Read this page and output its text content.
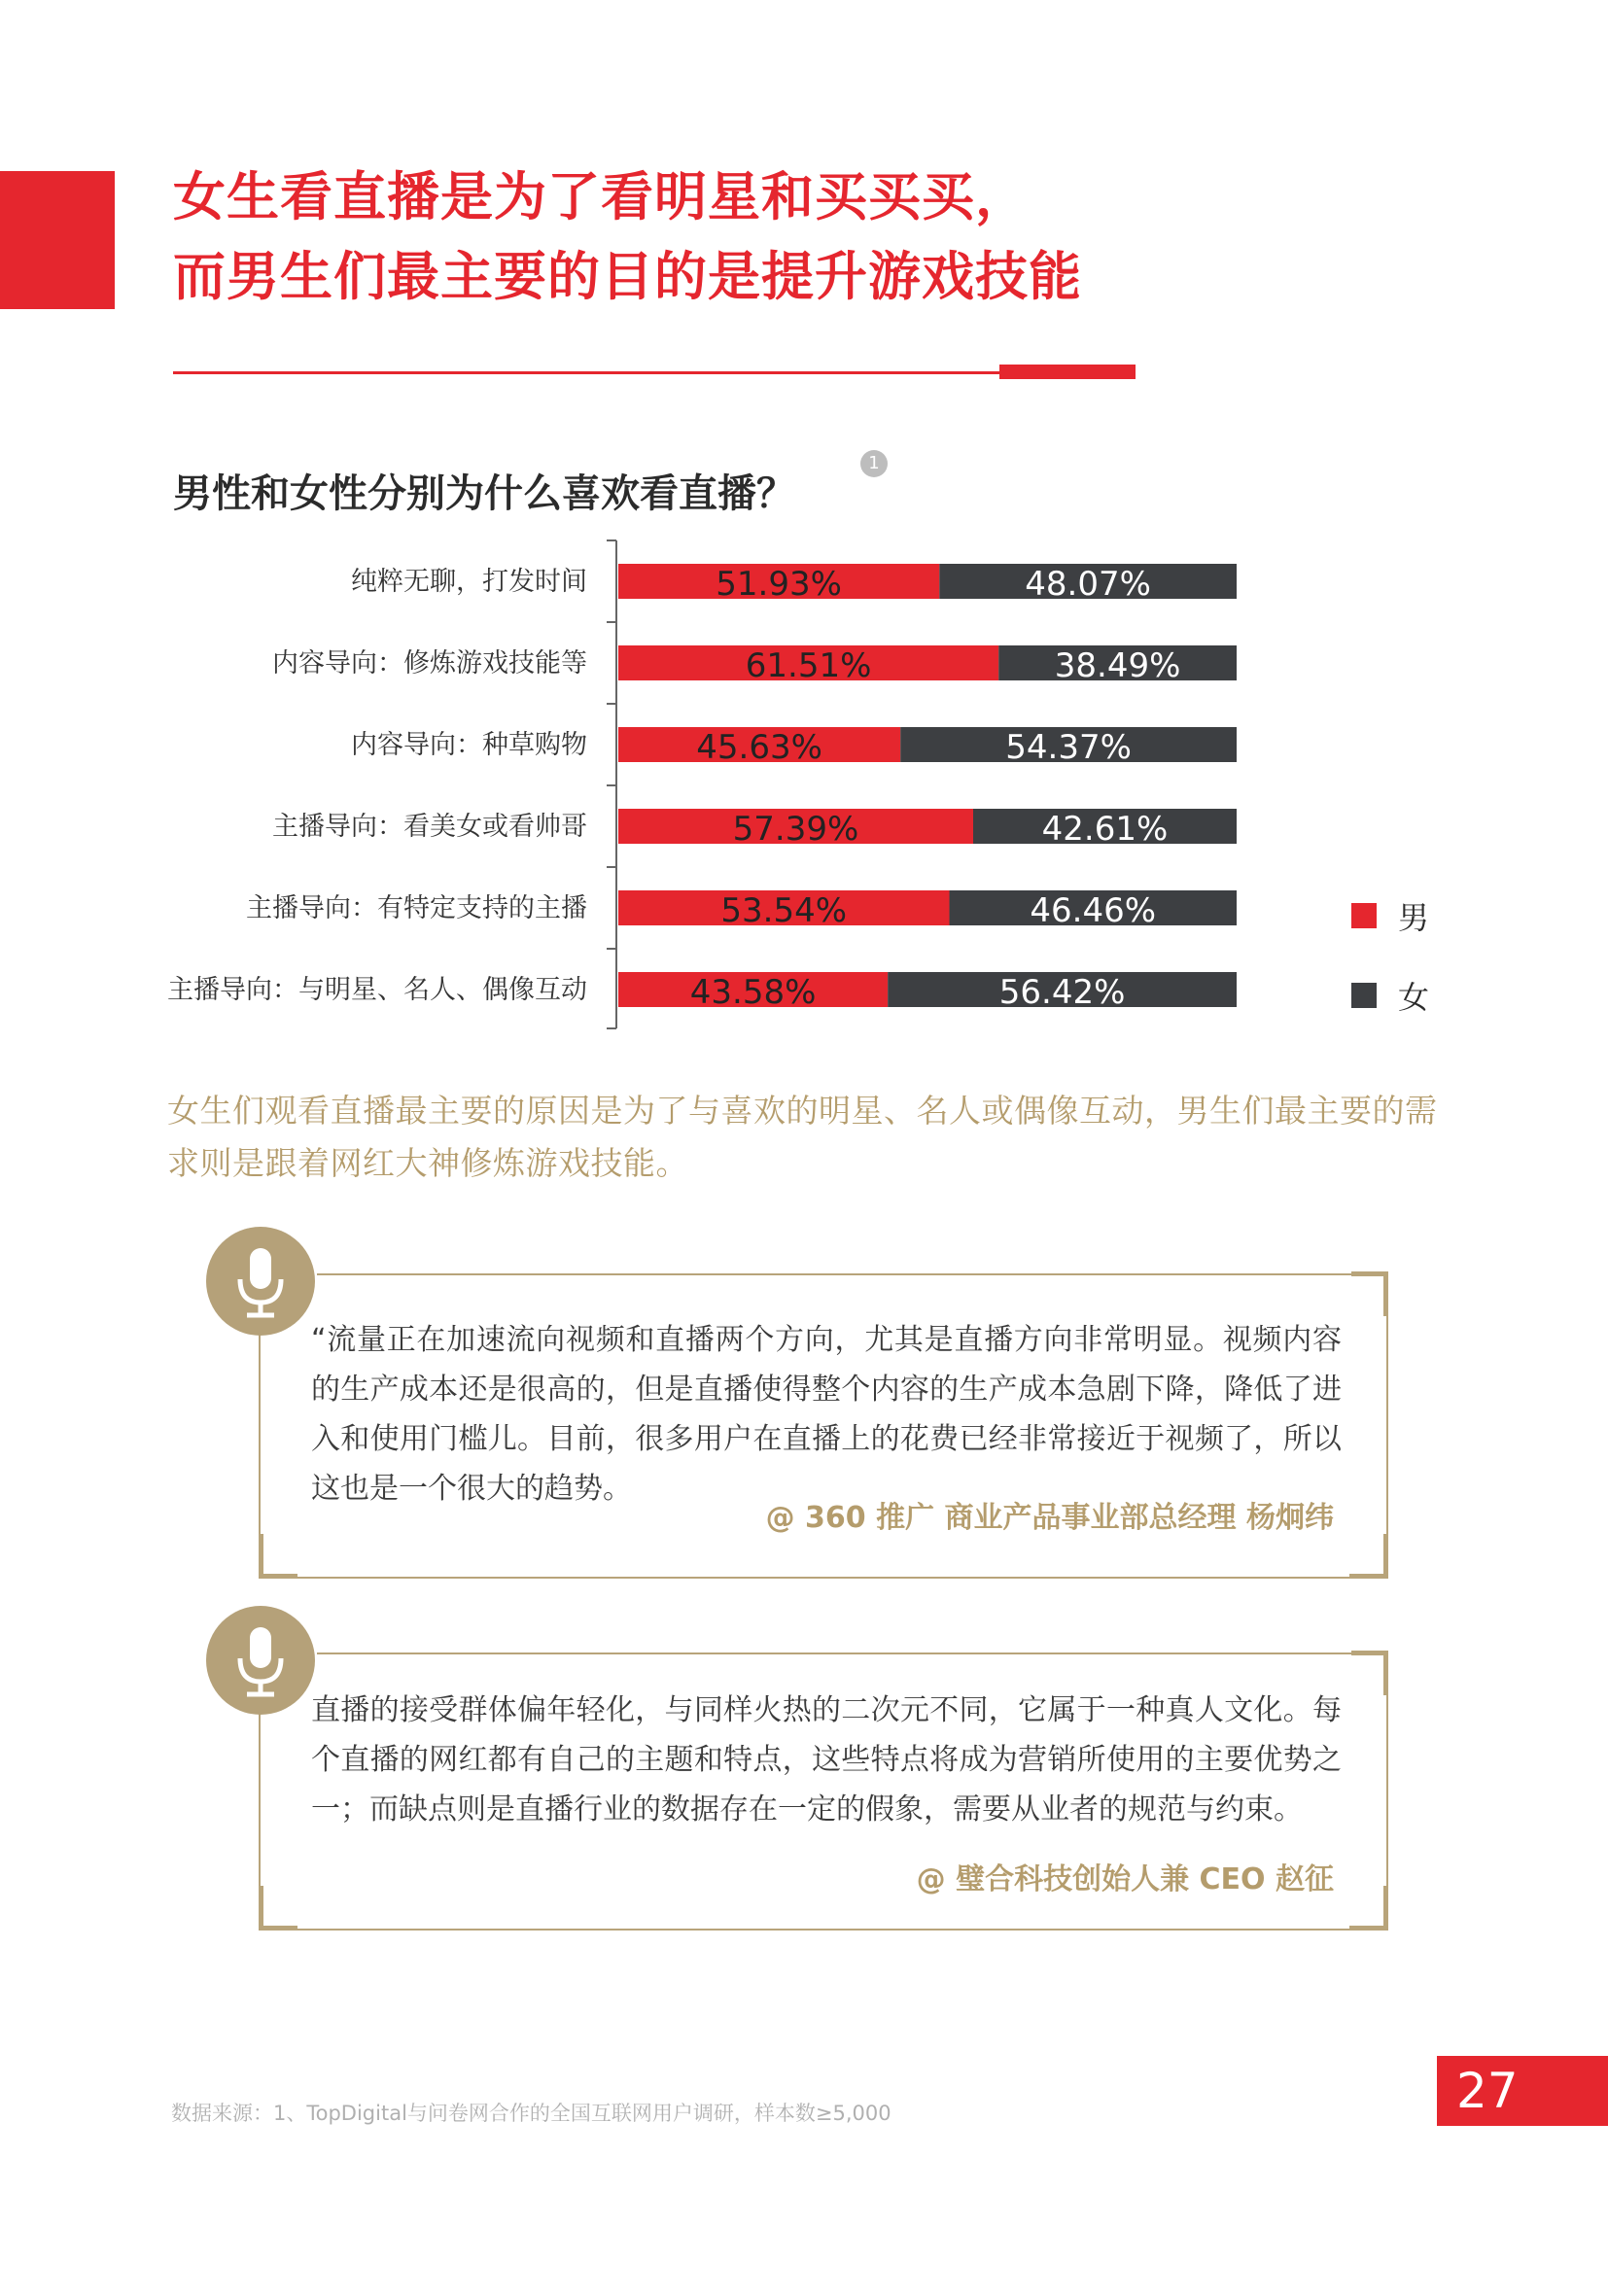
女生看直播是为了看明星和买买买，
而男生们最主要的目的是提升游戏技能
男性和女性分别为什么喜欢看直播？
1
纯粹无聊，打发时间	51.93%	48.07%
内容导向：修炼游戏技能等	61.51%	38.49%
内容导向：种草购物	45.63%	54.37%
主播导向：看美女或看帅哥	57.39%	42.61%
主播导向：有特定支持的主播	53.54%	46.46%
主播导向：与明星、名人、偶像互动	43.58%	56.42%
男
女
女生们观看直播最主要的原因是为了与喜欢的明星、名人或偶像互动，男生们最主要的需求则是跟着网红大神修炼游戏技能。
“流量正在加速流向视频和直播两个方向，尤其是直播方向非常明显。视频内容的生产成本还是很高的，但是直播使得整个内容的生产成本急剧下降，降低了进入和使用门槛儿。目前，很多用户在直播上的花费已经非常接近于视频了，所以这也是一个很大的趋势。
@ 360 推广 商业产品事业部总经理 杨炯纬
直播的接受群体偏年轻化，与同样火热的二次元不同，它属于一种真人文化。每个直播的网红都有自己的主题和特点，这些特点将成为营销所使用的主要优势之一；而缺点则是直播行业的数据存在一定的假象，需要从业者的规范与约束。
@ 璧合科技创始人兼 CEO 赵征
数据来源：1、TopDigital与问卷网合作的全国互联网用户调研，样本数≥5,000	27
